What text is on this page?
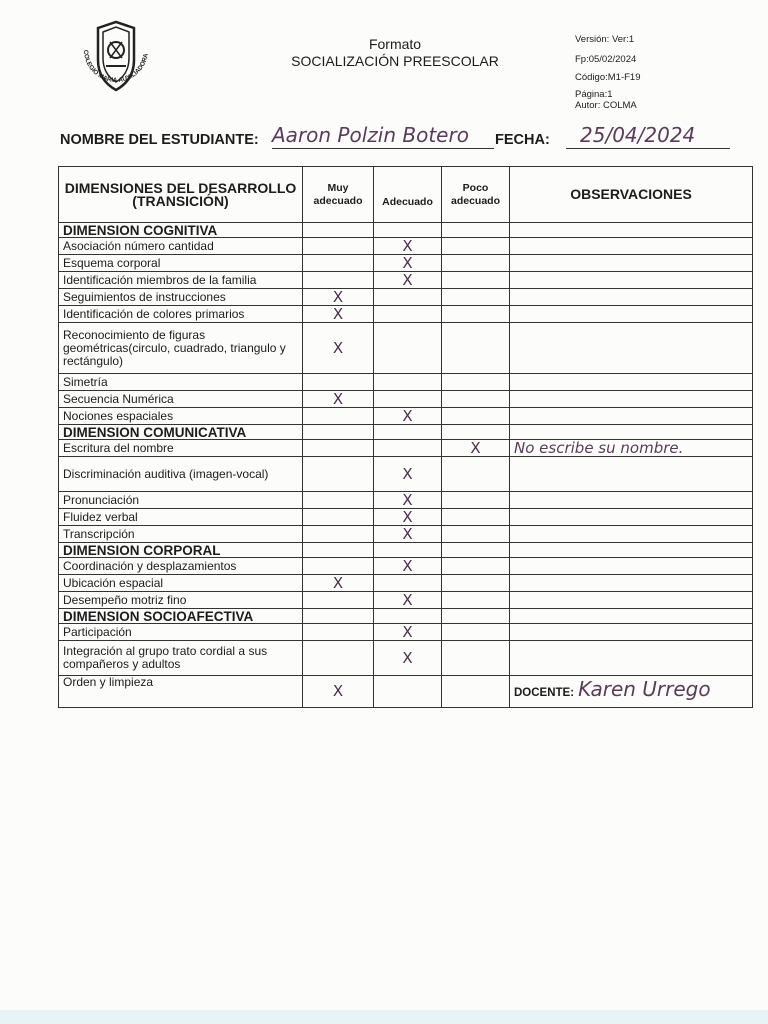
COLEGIO MARIA AUXILIADORA
Formato
SOCIALIZACIÓN PREESCOLAR
Versión: Ver:1
Fp:05/02/2024
Código:M1-F19
Página:1
Autor: COLMA
NOMBRE DEL ESTUDIANTE: Aaron Polzin Botero	FECHA:	25/04/2024
DIMENSIONES DEL DESARROLLO (TRANSICIÓN)	Muy adecuado	Adecuado	Poco adecuado	OBSERVACIONES
DIMENSION COGNITIVA				
Asociación número cantidad		X		
Esquema corporal		X		
Identificación miembros de la familia		X		
Seguimientos de instrucciones	X			
Identificación de colores primarios	X			
Reconocimiento de figuras geométricas(circulo, cuadrado, triangulo y rectángulo)	X			
Simetría				
Secuencia Numérica	X			
Nociones espaciales		X		
DIMENSION COMUNICATIVA				
Escritura del nombre			X	No escribe su nombre.
Discriminación auditiva (imagen-vocal)		X		
Pronunciación		X		
Fluidez verbal		X		
Transcripción		X		
DIMENSION CORPORAL				
Coordinación y desplazamientos		X		
Ubicación espacial	X			
Desempeño motriz fino		X		
DIMENSION SOCIOAFECTIVA				
Participación		X		
Integración al grupo trato cordial a sus compañeros y adultos		X		
Orden y limpieza	X			DOCENTE: Karen Urrego
